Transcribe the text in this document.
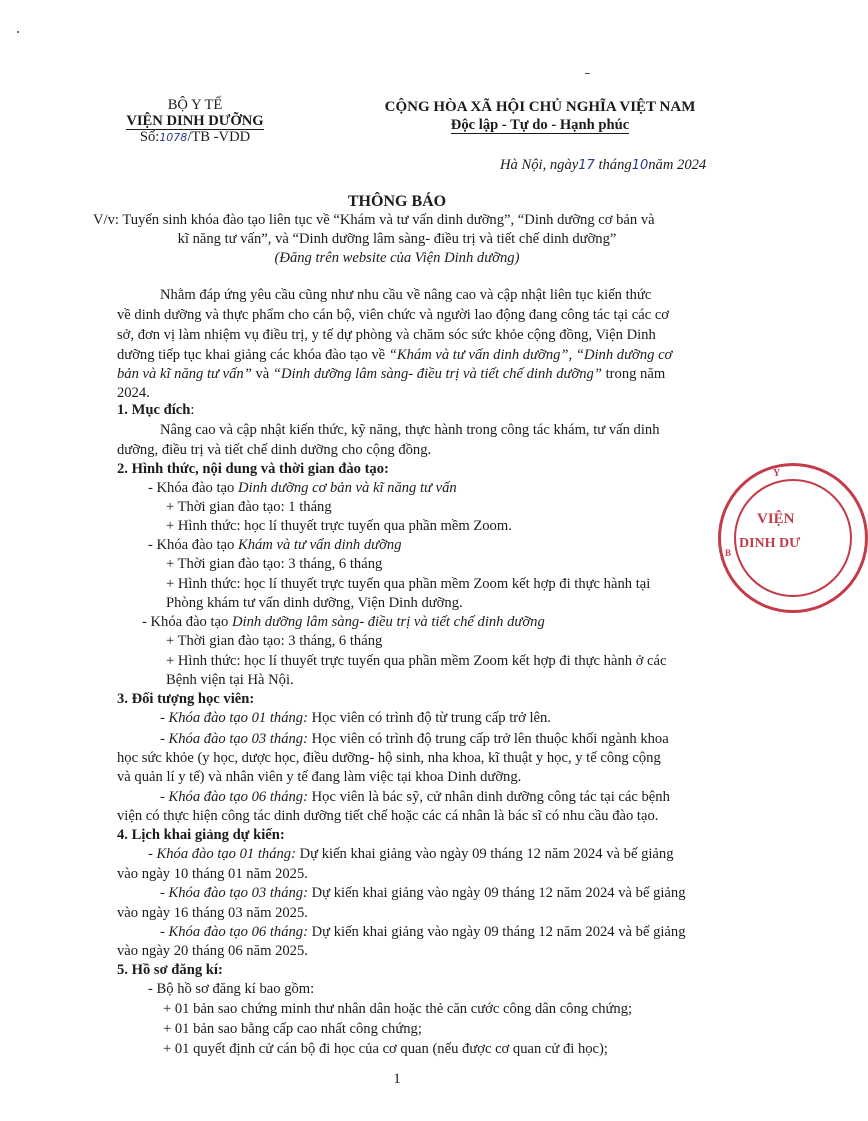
BỘ Y TẾ
VIỆN DINH DƯỠNG
Số:1078/TB -VDD
CỘNG HÒA XÃ HỘI CHỦ NGHĨA VIỆT NAM
Độc lập - Tự do - Hạnh phúc
Hà Nội, ngày17 tháng10năm 2024
THÔNG BÁO
V/v: Tuyển sinh khóa đào tạo liên tục về “Khám và tư vấn dinh dưỡng”, “Dinh dưỡng cơ bản và
kĩ năng tư vấn”, và “Dinh dưỡng lâm sàng- điều trị và tiết chế dinh dưỡng”
(Đăng trên website của Viện Dinh dưỡng)
Nhằm đáp ứng yêu cầu cũng như nhu cầu về nâng cao và cập nhật liên tục kiến thức
về dinh dưỡng và thực phẩm cho cán bộ, viên chức và người lao động đang công tác tại các cơ
sở, đơn vị làm nhiệm vụ điều trị, y tế dự phòng và chăm sóc sức khỏe cộng đồng, Viện Dinh
dưỡng tiếp tục khai giảng các khóa đào tạo về “Khám và tư vấn dinh dưỡng”, “Dinh dưỡng cơ
bản và kĩ năng tư vấn” và “Dinh dưỡng lâm sàng- điều trị và tiết chế dinh dưỡng” trong năm
2024.
1. Mục đích:
Nâng cao và cập nhật kiến thức, kỹ năng, thực hành trong công tác khám, tư vấn dinh
dưỡng, điều trị và tiết chế dinh dưỡng cho cộng đồng.
2. Hình thức, nội dung và thời gian đào tạo:
- Khóa đào tạo Dinh dưỡng cơ bản và kĩ năng tư vấn
+ Thời gian đào tạo: 1 tháng
+ Hình thức: học lí thuyết trực tuyến qua phần mềm Zoom.
- Khóa đào tạo Khám và tư vấn dinh dưỡng
+ Thời gian đào tạo: 3 tháng, 6 tháng
+ Hình thức: học lí thuyết trực tuyến qua phần mềm Zoom kết hợp đi thực hành tại
Phòng khám tư vấn dinh dưỡng, Viện Dinh dưỡng.
- Khóa đào tạo Dinh dưỡng lâm sàng- điều trị và tiết chế dinh dưỡng
+ Thời gian đào tạo: 3 tháng, 6 tháng
+ Hình thức: học lí thuyết trực tuyến qua phần mềm Zoom kết hợp đi thực hành ở các
Bệnh viện tại Hà Nội.
3. Đối tượng học viên:
- Khóa đào tạo 01 tháng: Học viên có trình độ từ trung cấp trở lên.
- Khóa đào tạo 03 tháng: Học viên có trình độ trung cấp trở lên thuộc khối ngành khoa
học sức khỏe (y học, dược học, điều dưỡng- hộ sinh, nha khoa, kĩ thuật y học, y tế công cộng
và quản lí y tế) và nhân viên y tế đang làm việc tại khoa Dinh dưỡng.
- Khóa đào tạo 06 tháng: Học viên là bác sỹ, cử nhân dinh dưỡng công tác tại các bệnh
viện có thực hiện công tác dinh dưỡng tiết chế hoặc các cá nhân là bác sĩ có nhu cầu đào tạo.
4. Lịch khai giảng dự kiến:
- Khóa đào tạo 01 tháng: Dự kiến khai giảng vào ngày 09 tháng 12 năm 2024 và bế giảng
vào ngày 10 tháng 01 năm 2025.
- Khóa đào tạo 03 tháng: Dự kiến khai giảng vào ngày 09 tháng 12 năm 2024 và bế giảng
vào ngày 16 tháng 03 năm 2025.
- Khóa đào tạo 06 tháng: Dự kiến khai giảng vào ngày 09 tháng 12 năm 2024 và bế giảng
vào ngày 20 tháng 06 năm 2025.
5. Hồ sơ đăng kí:
- Bộ hồ sơ đăng kí bao gồm:
+ 01 bản sao chứng minh thư nhân dân hoặc thẻ căn cước công dân công chứng;
+ 01 bản sao bằng cấp cao nhất công chứng;
+ 01 quyết định cử cán bộ đi học của cơ quan (nếu được cơ quan cử đi học);
1
Y
B
VIỆN
DINH DƯ
